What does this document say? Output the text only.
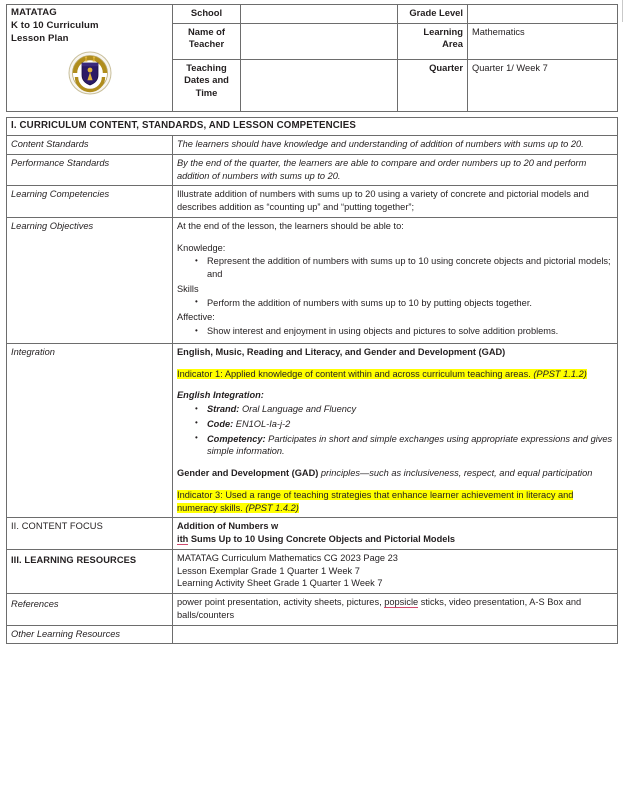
MATATAG
K to 10 Curriculum
Lesson Plan	School		Grade Level	
	Name of Teacher		Learning Area	Mathematics
	Teaching Dates and Time		Quarter	Quarter 1/ Week 7

I. CURRICULUM CONTENT, STANDARDS, AND LESSON COMPETENCIES				
Content Standards	The learners should have knowledge and understanding of addition of numbers with sums up to 20.			
Performance Standards	By the end of the quarter, the learners are able to compare and order numbers up to 20 and perform addition of numbers with sums up to 20.			
Learning Competencies	Illustrate addition of numbers with sums up to 20 using a variety of concrete and pictorial models and describes addition as “counting up” and “putting together”;			
Learning Objectives	At the end of the lesson, the learners should be able to:

Knowledge:

• Represent the addition of numbers with sums up to 10 using concrete objects and pictorial models; and

Skills

• Perform the addition of numbers with sums up to 10 by putting objects together.

Affective:

• Show interest and enjoyment in using objects and pictures to solve addition problems.

Integration	English, Music, Reading and Literacy, and Gender and Development (GAD)

Indicator 1: Applied knowledge of content within and across curriculum teaching areas. (PPST 1.1.2)

English Integration:

• Strand: Oral Language and Fluency
• Code: EN1OL-Ia-j-2
• Competency: Participates in short and simple exchanges using appropriate expressions and gives simple information.

Gender and Development (GAD) principles—such as inclusiveness, respect, and equal participation

Indicator 3: Used a range of teaching strategies that enhance learner achievement in literacy and numeracy skills. (PPST 1.4.2)

II. CONTENT FOCUS	Addition of Numbers w

ith Sums Up to 10 Using Concrete Objects and Pictorial Models			

III. LEARNING RESOURCES	MATATAG Curriculum Mathematics CG 2023 Page 23

Lesson Exemplar Grade 1 Quarter 1 Week 7

Learning Activity Sheet Grade 1 Quarter 1 Week 7			

References	power point presentation, activity sheets, pictures, popsicle sticks, video presentation, A-S Box and balls/counters			
Other Learning Resources				
